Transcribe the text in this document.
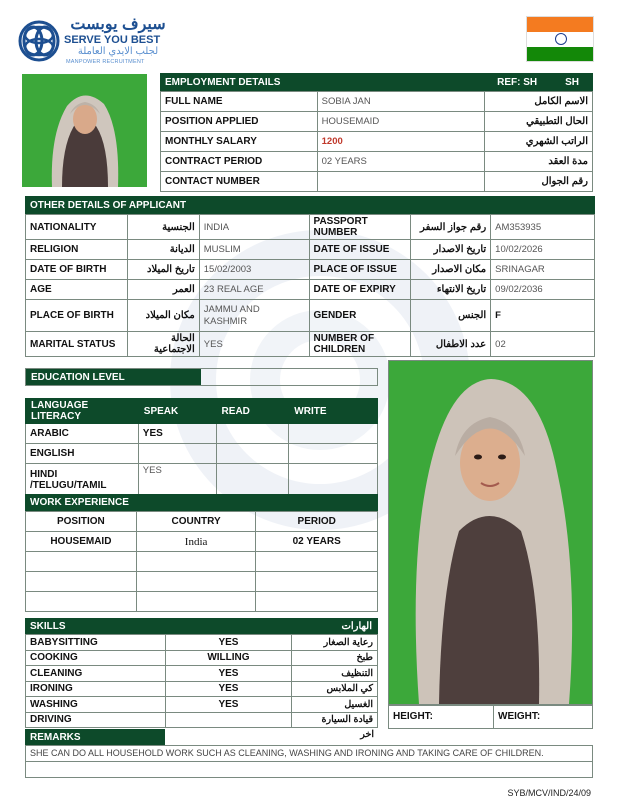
سيرف يوبست
SERVE YOU BEST
لجلب الايدي العاملة
MANPOWER RECRUITMENT
EMPLOYMENT DETAILS	REF: SH	SH
FULL NAME	SOBIA JAN	الاسم الكامل
POSITION APPLIED	HOUSEMAID	الحال التطبيقي
MONTHLY SALARY	1200	الراتب الشهري
CONTRACT PERIOD	02 YEARS	مدة العقد
CONTACT NUMBER		رقم الجوال
OTHER DETAILS OF APPLICANT
NATIONALITY	الجنسية	INDIA	PASSPORT NUMBER	رقم جواز السفر	AM353935
RELIGION	الديانة	MUSLIM	DATE OF ISSUE	تاريخ الاصدار	10/02/2026
DATE OF BIRTH	تاريخ الميلاد	15/02/2003	PLACE OF ISSUE	مكان الاصدار	SRINAGAR
AGE	العمر	23 REAL AGE	DATE OF EXPIRY	تاريخ الانتهاء	09/02/2036
PLACE OF BIRTH	مكان الميلاد	JAMMU AND KASHMIR	GENDER	الجنس	F
MARITAL STATUS	الحالة الاجتماعية	YES	NUMBER OF CHILDREN	عدد الاطفال	02
EDUCATION LEVEL
LANGUAGE LITERACY	SPEAK	READ	WRITE
ARABIC	YES		
ENGLISH			
HINDI /TELUGU/TAMIL	YES		
WORK EXPERIENCE
POSITION	COUNTRY	PERIOD
HOUSEMAID	India	02 YEARS

HEIGHT:	WEIGHT:
SKILLS	الهارات
BABYSITTING	YES	رعاية الصغار
COOKING	WILLING	طبخ
CLEANING	YES	التنظيف
IRONING	YES	كي الملابس
WASHING	YES	الغسيل
DRIVING		قيادة السيارة
REMARKS	اخر
SHE CAN DO ALL HOUSEHOLD WORK SUCH AS CLEANING, WASHING AND IRONING AND TAKING CARE OF CHILDREN.
SYB/MCV/IND/24/09
